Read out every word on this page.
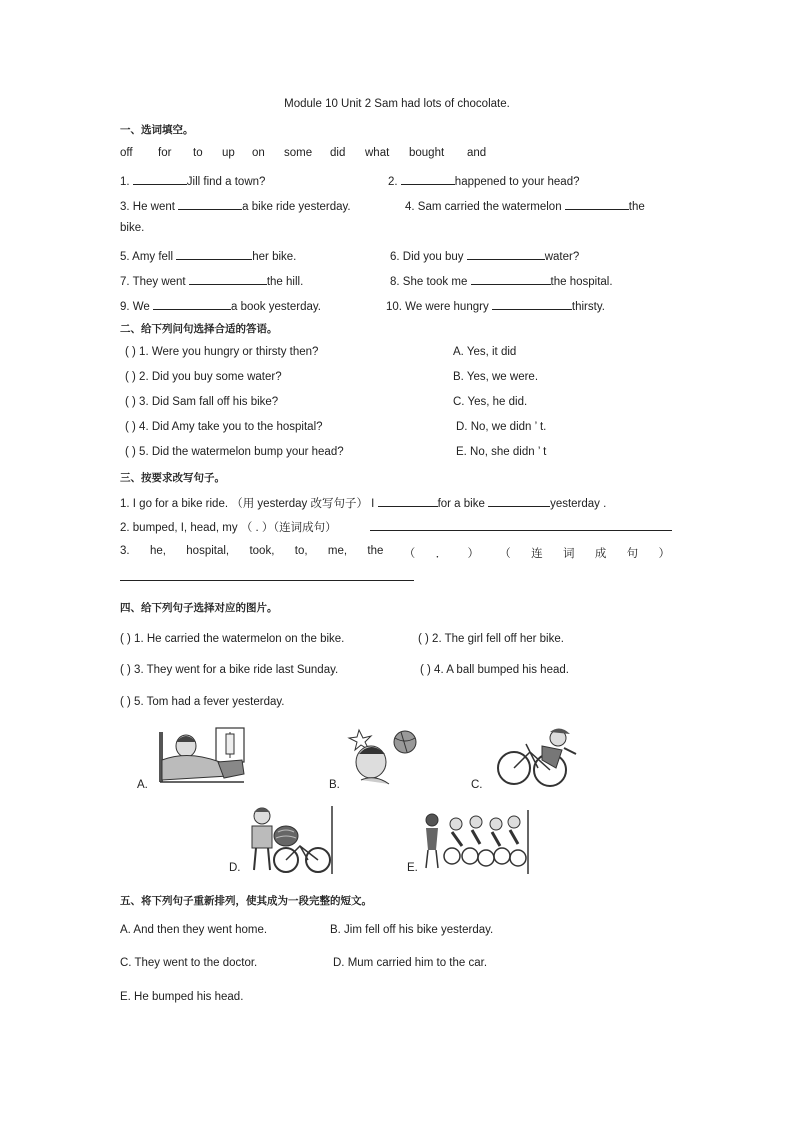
Module 10 Unit 2 Sam had lots of chocolate.
一、选词填空。
off for to up on some did what bought and
1.	Jill find a town?	2.	happened to your head?
3. He went	a bike ride yesterday.	4. Sam carried the watermelon	the
bike.
5. Amy fell	her bike.	6. Did you buy	water?
7. They went	the hill.	8. She took me	the hospital.
9. We	a book yesterday.	10. We were hungry	thirsty.
二、给下列问句选择合适的答语。
( ) 1. Were you hungry or thirsty then?	A. Yes, it did
( ) 2. Did you buy some water?	B. Yes, we were.
( ) 3. Did Sam fall off his bike?	C. Yes, he did.
( ) 4. Did Amy take you to the hospital?	D. No, we didn ’ t.
( ) 5. Did the watermelon bump your head?	E. No, she didn ’ t
三、按要求改写句子。
1. I go for a bike ride. （用 yesterday 改写句子） I	for a bike	yesterday .
2. bumped, I, head, my （ . ）（连词成句）
3. he, hospital, took, to, me, the （ ． ） （ 连 词 成 句 ）
四、给下列句子选择对应的图片。
( ) 1. He carried the watermelon on the bike.	( ) 2. The girl fell off her bike.
( ) 3. They went for a bike ride last Sunday.	( ) 4. A ball bumped his head.
( ) 5. Tom had a fever yesterday.
A.	B.	C.
D.	E.
五、将下列句子重新排列，使其成为一段完整的短文。
A. And then they went home.	B. Jim fell off his bike yesterday.
C. They went to the doctor.	D. Mum carried him to the car.
E. He bumped his head.
